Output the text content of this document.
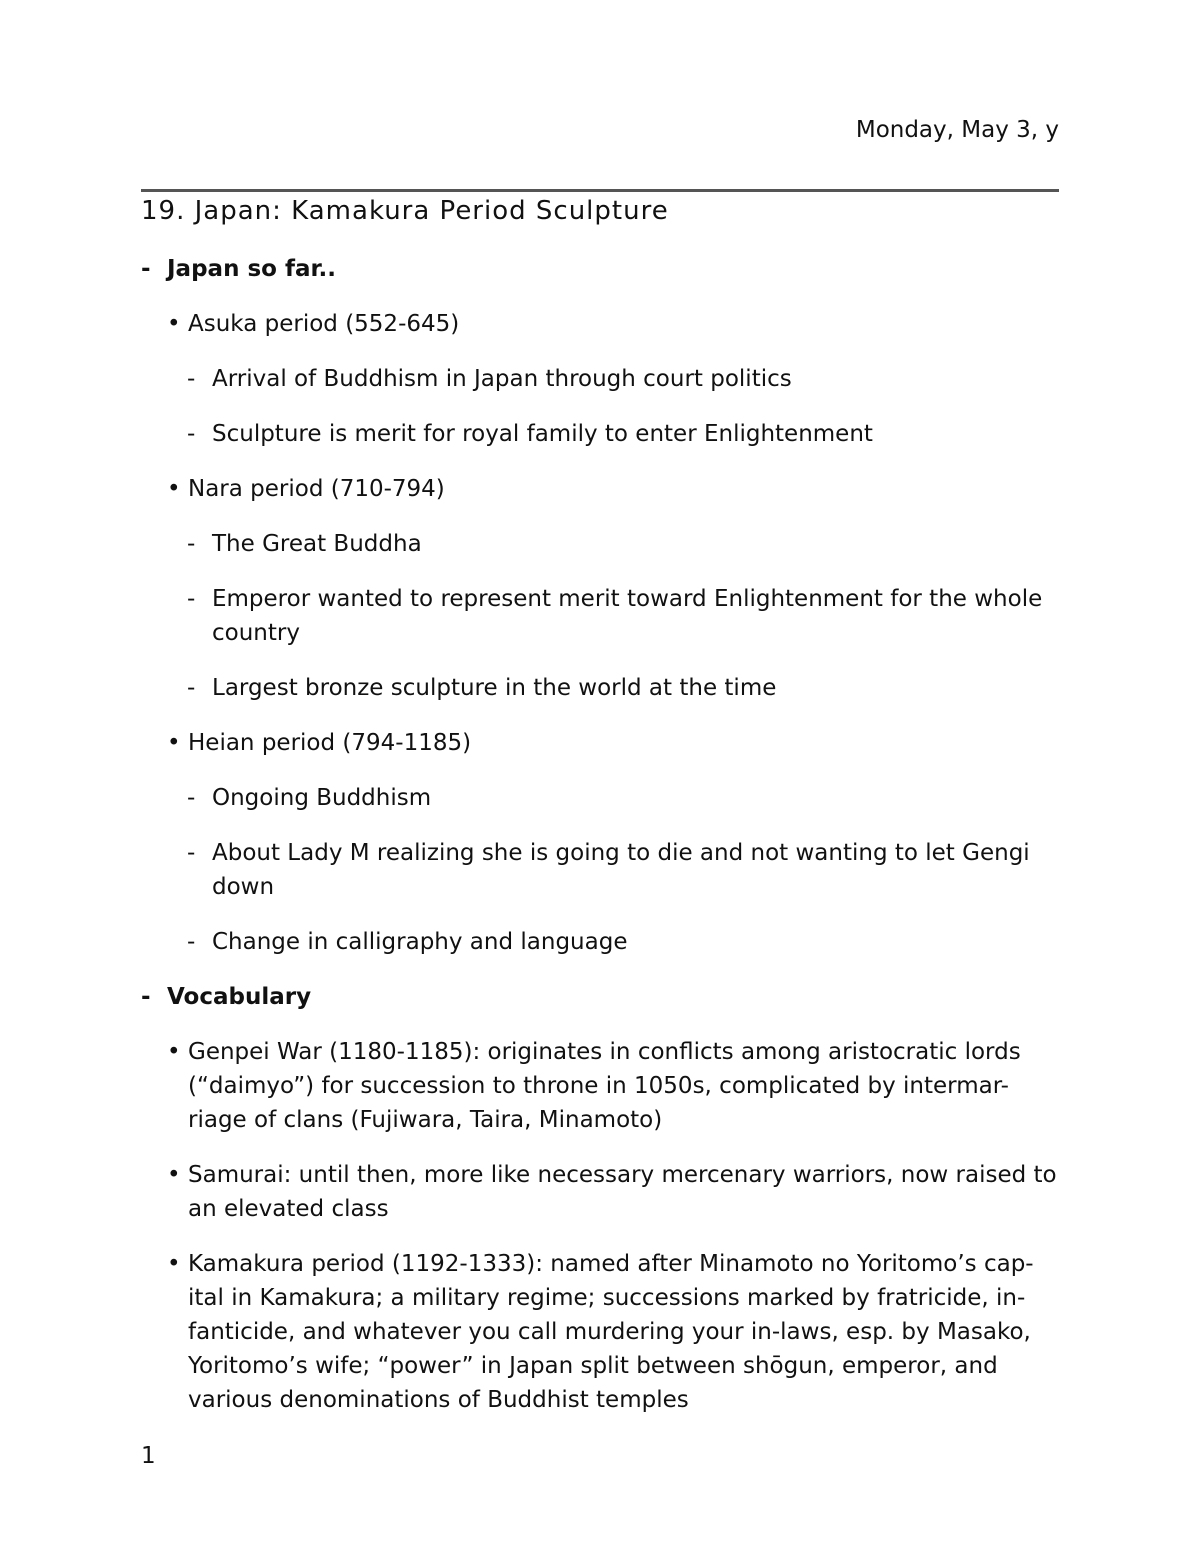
Monday, May 3, y
19. Japan: Kamakura Period Sculpture
- Japan so far..
• Asuka period (552-645)
- Arrival of Buddhism in Japan through court politics
- Sculpture is merit for royal family to enter Enlightenment
• Nara period (710-794)
- The Great Buddha
- Emperor wanted to represent merit toward Enlightenment for the whole country
- Largest bronze sculpture in the world at the time
• Heian period (794-1185)
- Ongoing Buddhism
- About Lady M realizing she is going to die and not wanting to let Gengi down
- Change in calligraphy and language
- Vocabulary
• Genpei War (1180-1185): originates in conflicts among aristocratic lords (“daimyo”) for succession to throne in 1050s, complicated by intermar-riage of clans (Fujiwara, Taira, Minamoto)
• Samurai: until then, more like necessary mercenary warriors, now raised to an elevated class
• Kamakura period (1192-1333): named after Minamoto no Yoritomo’s cap-ital in Kamakura; a military regime; successions marked by fratricide, in-fanticide, and whatever you call murdering your in-laws, esp. by Masako, Yoritomo’s wife; “power” in Japan split between shōgun, emperor, and various denominations of Buddhist temples
1
